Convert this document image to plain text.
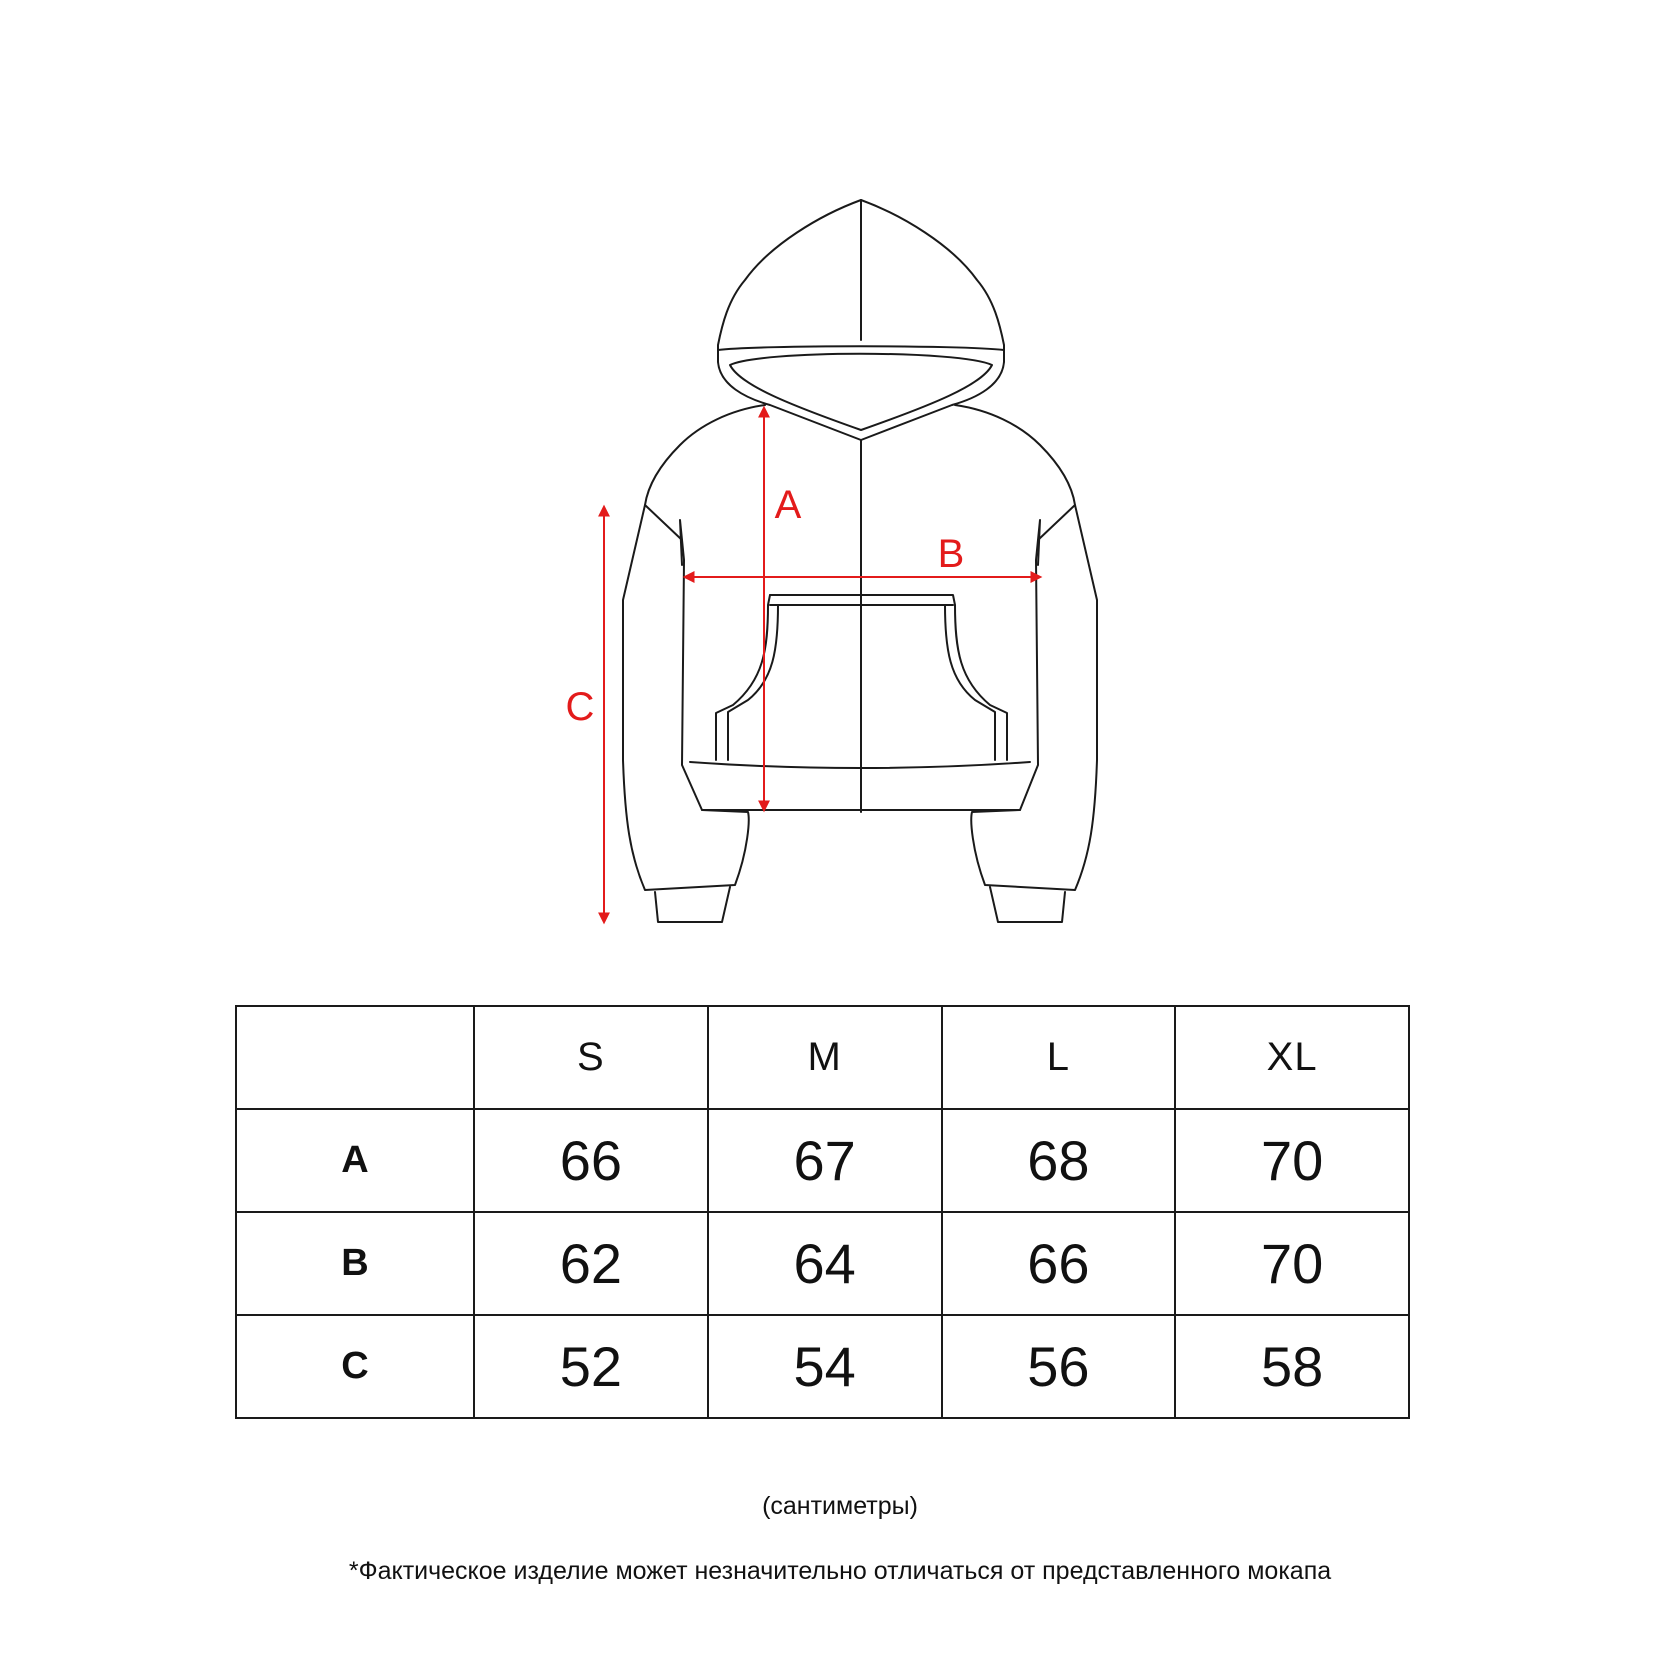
A
B
C
	S	M	L	XL
A	66	67	68	70
B	62	64	66	70
C	52	54	56	58
(сантиметры)
*Фактическое изделие может незначительно отличаться от представленного мокапа
